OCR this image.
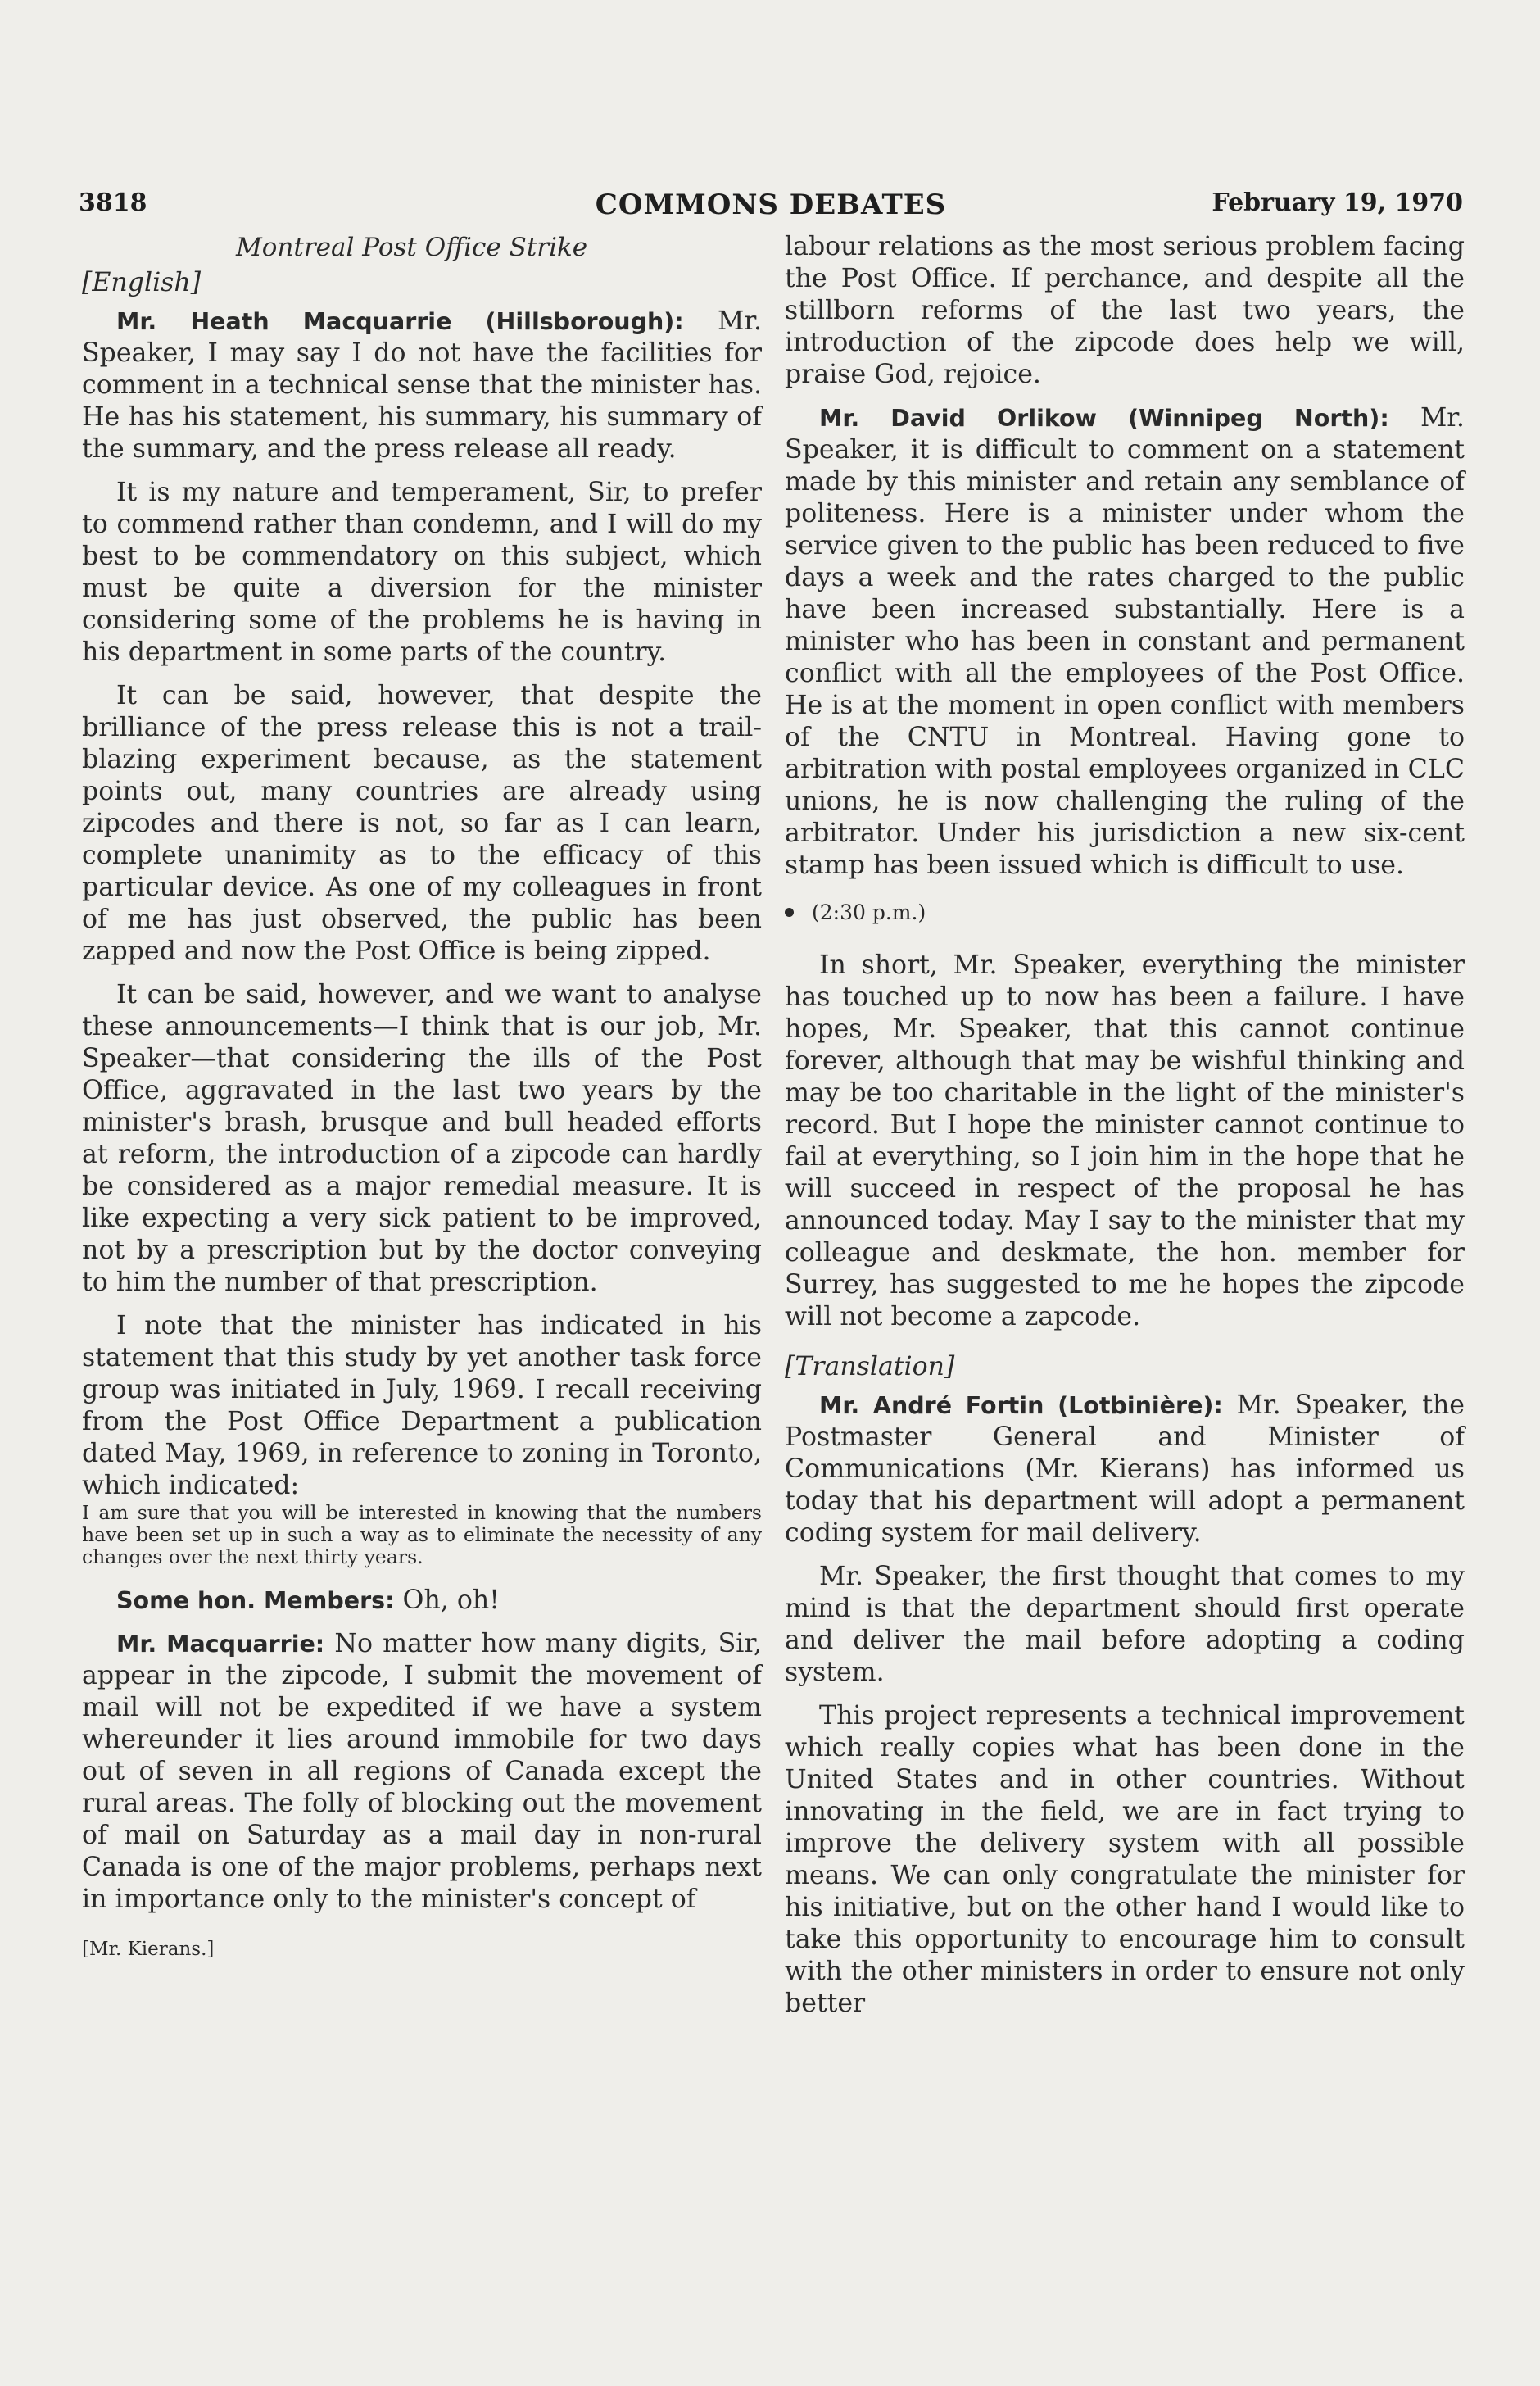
3818	COMMONS DEBATES	February 19, 1970
Montreal Post Office Strike
[English]

Mr. Heath Macquarrie (Hillsborough): Mr. Speaker, I may say I do not have the facilities for comment in a technical sense that the minister has. He has his statement, his summary, his summary of the summary, and the press release all ready.

It is my nature and temperament, Sir, to prefer to commend rather than condemn, and I will do my best to be commendatory on this subject, which must be quite a diversion for the minister considering some of the problems he is having in his department in some parts of the country.

It can be said, however, that despite the brilliance of the press release this is not a trail-blazing experiment because, as the statement points out, many countries are already using zipcodes and there is not, so far as I can learn, complete unanimity as to the efficacy of this particular device. As one of my colleagues in front of me has just observed, the public has been zapped and now the Post Office is being zipped.

It can be said, however, and we want to analyse these announcements—I think that is our job, Mr. Speaker—that considering the ills of the Post Office, aggravated in the last two years by the minister's brash, brusque and bull headed efforts at reform, the introduction of a zipcode can hardly be considered as a major remedial measure. It is like expecting a very sick patient to be improved, not by a prescription but by the doctor conveying to him the number of that prescription.

I note that the minister has indicated in his statement that this study by yet another task force group was initiated in July, 1969. I recall receiving from the Post Office Department a publication dated May, 1969, in reference to zoning in Toronto, which indicated:

I am sure that you will be interested in knowing that the numbers have been set up in such a way as to eliminate the necessity of any changes over the next thirty years.

Some hon. Members: Oh, oh!

Mr. Macquarrie: No matter how many digits, Sir, appear in the zipcode, I submit the movement of mail will not be expedited if we have a system whereunder it lies around immobile for two days out of seven in all regions of Canada except the rural areas. The folly of blocking out the movement of mail on Saturday as a mail day in non-rural Canada is one of the major problems, perhaps next in importance only to the minister's concept of

[Mr. Kierans.]

labour relations as the most serious problem facing the Post Office. If perchance, and despite all the stillborn reforms of the last two years, the introduction of the zipcode does help we will, praise God, rejoice.

Mr. David Orlikow (Winnipeg North): Mr. Speaker, it is difficult to comment on a statement made by this minister and retain any semblance of politeness. Here is a minister under whom the service given to the public has been reduced to five days a week and the rates charged to the public have been increased substantially. Here is a minister who has been in constant and permanent conflict with all the employees of the Post Office. He is at the moment in open conflict with members of the CNTU in Montreal. Having gone to arbitration with postal employees organized in CLC unions, he is now challenging the ruling of the arbitrator. Under his jurisdiction a new six-cent stamp has been issued which is difficult to use.

(2:30 p.m.)

In short, Mr. Speaker, everything the minister has touched up to now has been a failure. I have hopes, Mr. Speaker, that this cannot continue forever, although that may be wishful thinking and may be too charitable in the light of the minister's record. But I hope the minister cannot continue to fail at everything, so I join him in the hope that he will succeed in respect of the proposal he has announced today. May I say to the minister that my colleague and deskmate, the hon. member for Surrey, has suggested to me he hopes the zipcode will not become a zapcode.

[Translation]

Mr. André Fortin (Lotbinière): Mr. Speaker, the Postmaster General and Minister of Communications (Mr. Kierans) has informed us today that his department will adopt a permanent coding system for mail delivery.

Mr. Speaker, the first thought that comes to my mind is that the department should first operate and deliver the mail before adopting a coding system.

This project represents a technical improvement which really copies what has been done in the United States and in other countries. Without innovating in the field, we are in fact trying to improve the delivery system with all possible means. We can only congratulate the minister for his initiative, but on the other hand I would like to take this opportunity to encourage him to consult with the other ministers in order to ensure not only better
